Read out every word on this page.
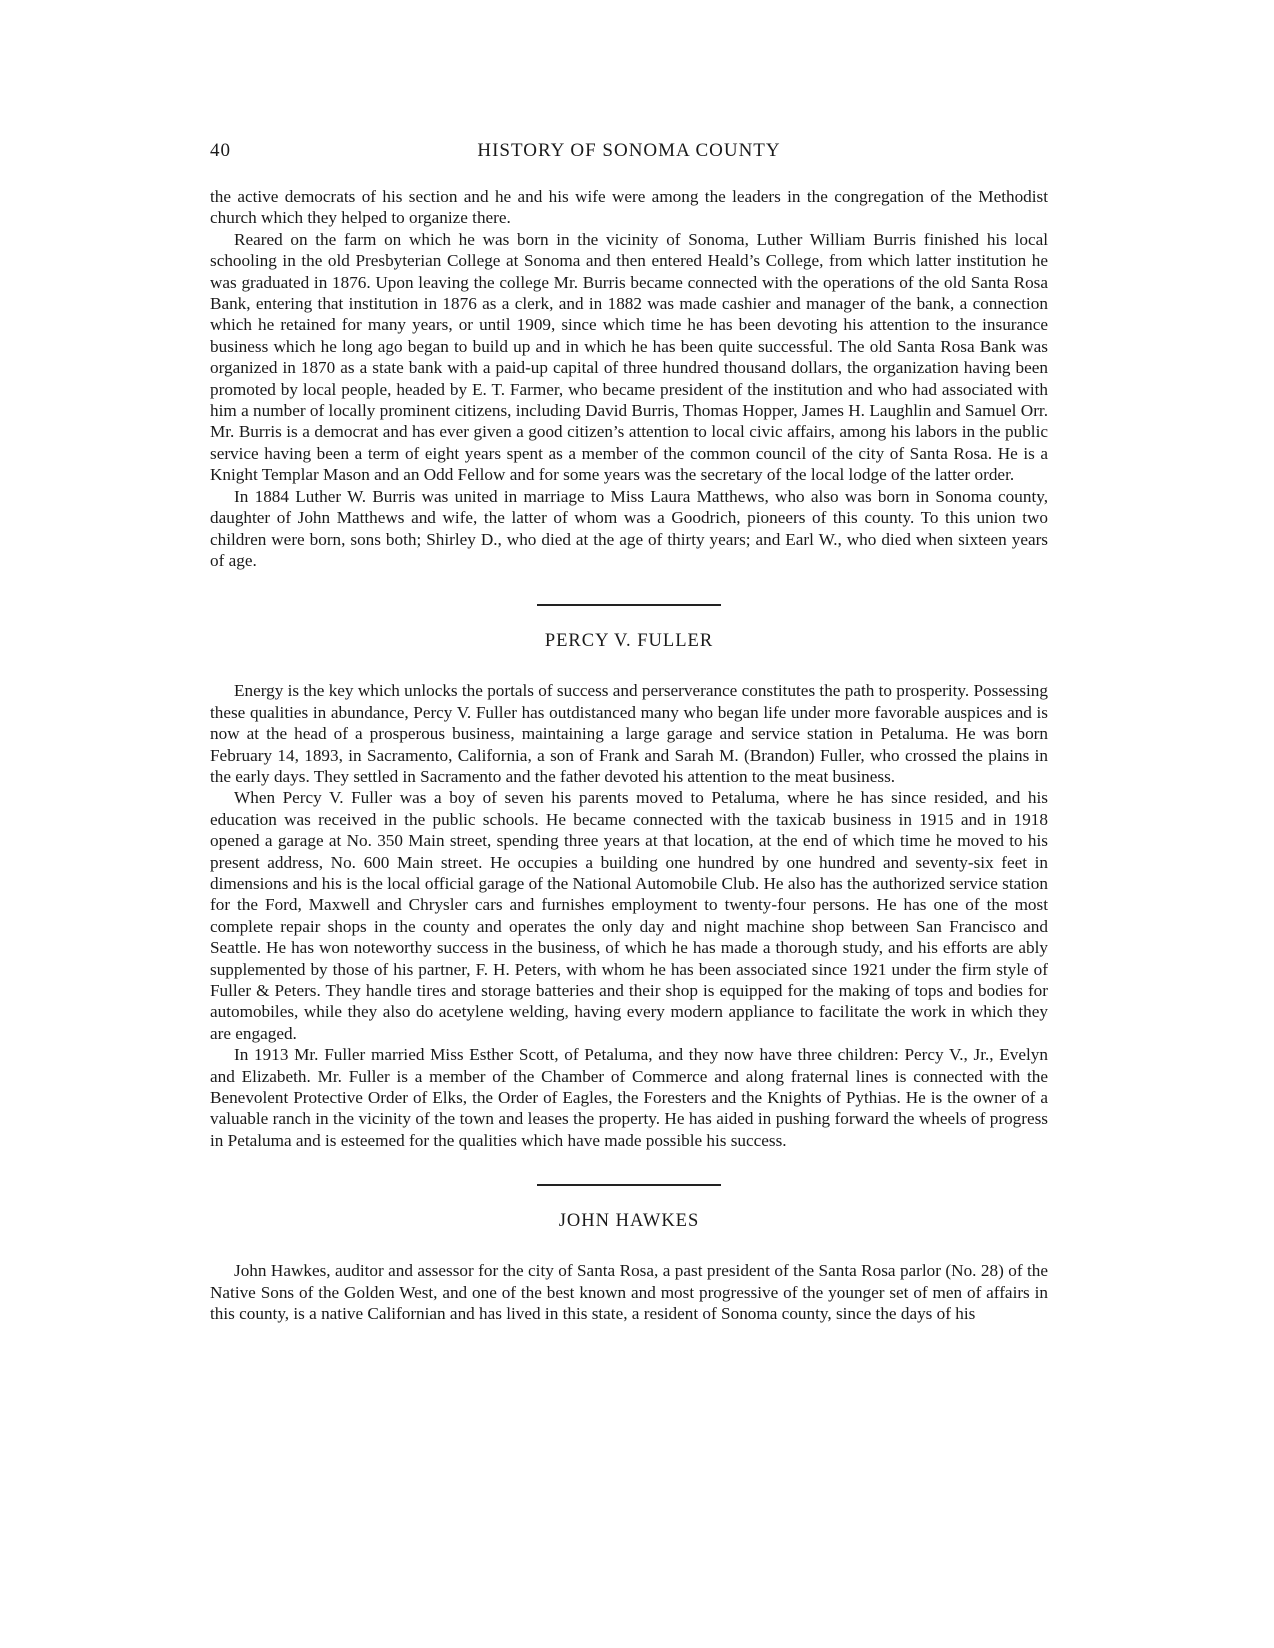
40	HISTORY OF SONOMA COUNTY

the active democrats of his section and he and his wife were among the leaders in the congregation of the Methodist church which they helped to organize there.

Reared on the farm on which he was born in the vicinity of Sonoma, Luther William Burris finished his local schooling in the old Presbyterian College at Sonoma and then entered Heald’s College, from which latter institution he was graduated in 1876. Upon leaving the college Mr. Burris became connected with the operations of the old Santa Rosa Bank, entering that institution in 1876 as a clerk, and in 1882 was made cashier and manager of the bank, a connection which he retained for many years, or until 1909, since which time he has been devoting his attention to the insurance business which he long ago began to build up and in which he has been quite successful. The old Santa Rosa Bank was organized in 1870 as a state bank with a paid-up capital of three hundred thousand dollars, the organization having been promoted by local people, headed by E. T. Farmer, who became president of the institution and who had associated with him a number of locally prominent citizens, including David Burris, Thomas Hopper, James H. Laughlin and Samuel Orr. Mr. Burris is a democrat and has ever given a good citizen’s attention to local civic affairs, among his labors in the public service having been a term of eight years spent as a member of the common council of the city of Santa Rosa. He is a Knight Templar Mason and an Odd Fellow and for some years was the secretary of the local lodge of the latter order.

In 1884 Luther W. Burris was united in marriage to Miss Laura Matthews, who also was born in Sonoma county, daughter of John Matthews and wife, the latter of whom was a Goodrich, pioneers of this county. To this union two children were born, sons both; Shirley D., who died at the age of thirty years; and Earl W., who died when sixteen years of age.

PERCY V. FULLER

Energy is the key which unlocks the portals of success and perserverance constitutes the path to prosperity. Possessing these qualities in abundance, Percy V. Fuller has outdistanced many who began life under more favorable auspices and is now at the head of a prosperous business, maintaining a large garage and service station in Petaluma. He was born February 14, 1893, in Sacramento, California, a son of Frank and Sarah M. (Brandon) Fuller, who crossed the plains in the early days. They settled in Sacramento and the father devoted his attention to the meat business.

When Percy V. Fuller was a boy of seven his parents moved to Petaluma, where he has since resided, and his education was received in the public schools. He became connected with the taxicab business in 1915 and in 1918 opened a garage at No. 350 Main street, spending three years at that location, at the end of which time he moved to his present address, No. 600 Main street. He occupies a building one hundred by one hundred and seventy-six feet in dimensions and his is the local official garage of the National Automobile Club. He also has the authorized service station for the Ford, Maxwell and Chrysler cars and furnishes employment to twenty-four persons. He has one of the most complete repair shops in the county and operates the only day and night machine shop between San Francisco and Seattle. He has won noteworthy success in the business, of which he has made a thorough study, and his efforts are ably supplemented by those of his partner, F. H. Peters, with whom he has been associated since 1921 under the firm style of Fuller & Peters. They handle tires and storage batteries and their shop is equipped for the making of tops and bodies for automobiles, while they also do acetylene welding, having every modern appliance to facilitate the work in which they are engaged.

In 1913 Mr. Fuller married Miss Esther Scott, of Petaluma, and they now have three children: Percy V., Jr., Evelyn and Elizabeth. Mr. Fuller is a member of the Chamber of Commerce and along fraternal lines is connected with the Benevolent Protective Order of Elks, the Order of Eagles, the Foresters and the Knights of Pythias. He is the owner of a valuable ranch in the vicinity of the town and leases the property. He has aided in pushing forward the wheels of progress in Petaluma and is esteemed for the qualities which have made possible his success.

JOHN HAWKES

John Hawkes, auditor and assessor for the city of Santa Rosa, a past president of the Santa Rosa parlor (No. 28) of the Native Sons of the Golden West, and one of the best known and most progressive of the younger set of men of affairs in this county, is a native Californian and has lived in this state, a resident of Sonoma county, since the days of his
